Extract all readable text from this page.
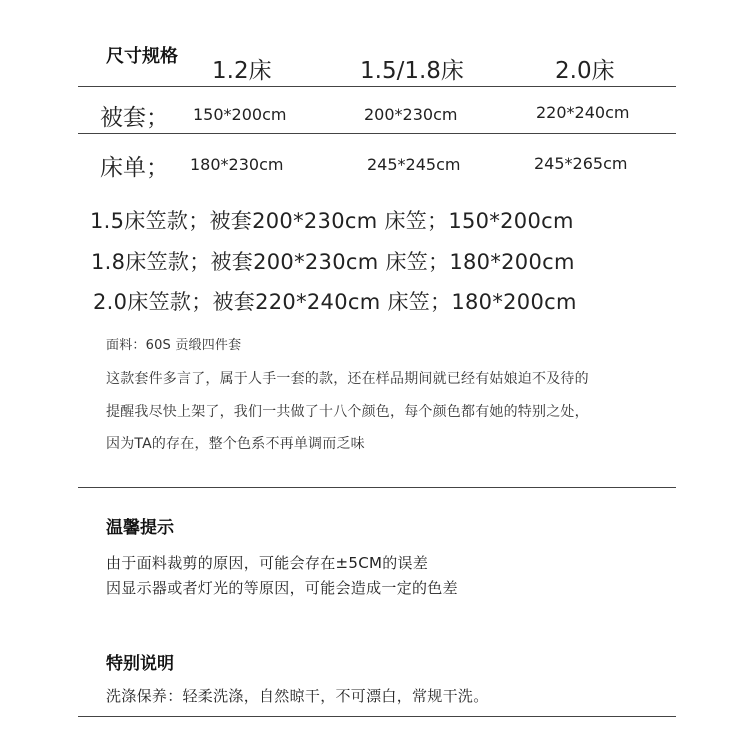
尺寸规格
1.2床	1.5/1.8床	2.0床
被套； 150*200cm	200*230cm	220*240cm
床单； 180*230cm	245*245cm	245*265cm
1.5床笠款；被套200*230cm 床笠；150*200cm
1.8床笠款；被套200*230cm 床笠；180*200cm
2.0床笠款；被套220*240cm 床笠；180*200cm
面料：60S 贡缎四件套
这款套件多言了，属于人手一套的款，还在样品期间就已经有姑娘迫不及待的
提醒我尽快上架了，我们一共做了十八个颜色，每个颜色都有她的特别之处，
因为TA的存在，整个色系不再单调而乏味
温馨提示
由于面料裁剪的原因，可能会存在±5CM的误差
因显示器或者灯光的等原因，可能会造成一定的色差
特别说明
洗涤保养：轻柔洗涤，自然晾干，不可漂白，常规干洗。
